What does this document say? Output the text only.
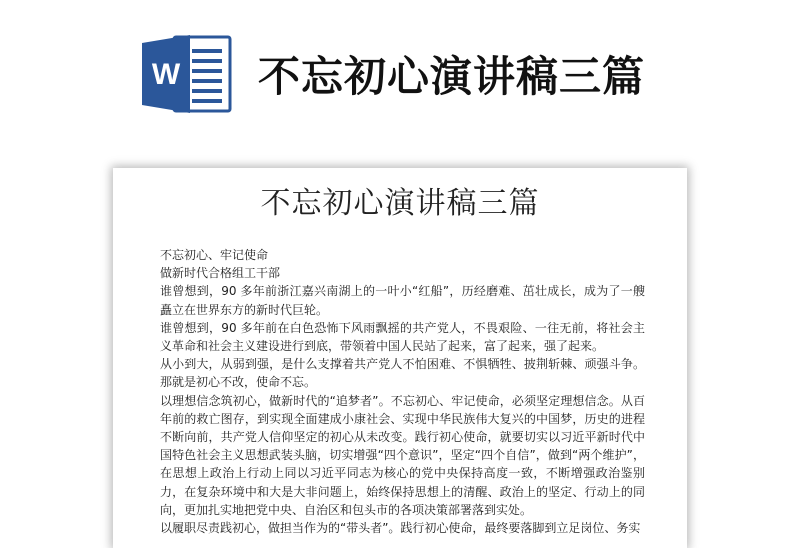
W 不忘初心演讲稿三篇
不忘初心演讲稿三篇

不忘初心、牢记使命

做新时代合格组工干部

谁曾想到，90 多年前浙江嘉兴南湖上的一叶小“红船”，历经磨难、茁壮成长，成为了一艘矗立在世界东方的新时代巨轮。

谁曾想到，90 多年前在白色恐怖下风雨飘摇的共产党人，不畏艰险、一往无前，将社会主义革命和社会主义建设进行到底，带领着中国人民站了起来，富了起来，强了起来。

从小到大，从弱到强，是什么支撑着共产党人不怕困难、不惧牺牲、披荆斩棘、顽强斗争。那就是初心不改，使命不忘。

以理想信念筑初心，做新时代的“追梦者”。不忘初心、牢记使命，必须坚定理想信念。从百年前的救亡图存，到实现全面建成小康社会、实现中华民族伟大复兴的中国梦，历史的进程不断向前，共产党人信仰坚定的初心从未改变。践行初心使命，就要切实以习近平新时代中国特色社会主义思想武装头脑，切实增强“四个意识”，坚定“四个自信”，做到“两个维护”，在思想上政治上行动上同以习近平同志为核心的党中央保持高度一致，不断增强政治鉴别力，在复杂环境中和大是大非问题上，始终保持思想上的清醒、政治上的坚定、行动上的同向，更加扎实地把党中央、自治区和包头市的各项决策部署落到实处。

以履职尽责践初心，做担当作为的“带头者”。践行初心使命，最终要落脚到立足岗位、务实
